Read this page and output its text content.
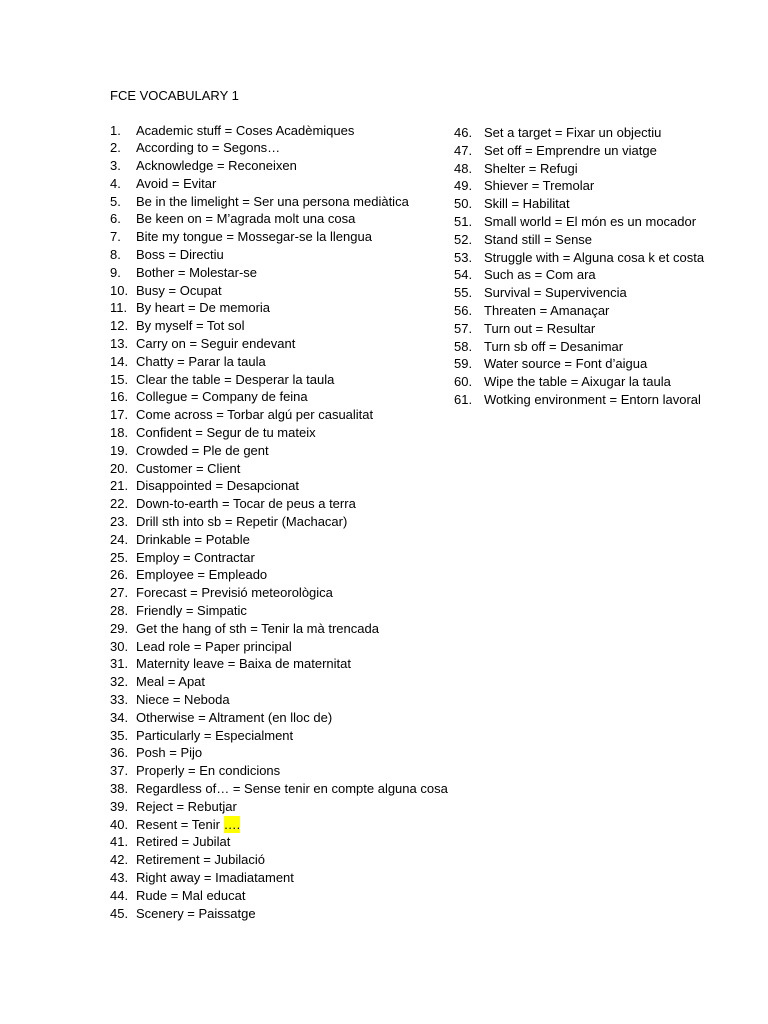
FCE VOCABULARY 1
1.	Academic stuff = Coses Acadèmiques
2.	According to = Segons…
3.	Acknowledge = Reconeixen
4.	Avoid = Evitar
5.	Be in the limelight = Ser una persona mediàtica
6.	Be keen on = M’agrada molt una cosa
7.	Bite my tongue = Mossegar-se la llengua
8.	Boss = Directiu
9.	Bother = Molestar-se
10. Busy = Ocupat
11. By heart = De memoria
12. By myself = Tot sol
13. Carry on = Seguir endevant
14. Chatty = Parar la taula
15. Clear the table = Desperar la taula
16. Collegue = Company de feina
17. Come across = Torbar algú per casualitat
18. Confident = Segur de tu mateix
19. Crowded = Ple de gent
20. Customer = Client
21. Disappointed = Desapcionat
22. Down-to-earth = Tocar de peus a terra
23. Drill sth into sb = Repetir (Machacar)
24. Drinkable = Potable
25. Employ = Contractar
26. Employee = Empleado
27. Forecast = Previsió meteorològica
28. Friendly = Simpatic
29. Get the hang of sth = Tenir la mà trencada
30. Lead role = Paper principal
31. Maternity leave = Baixa de maternitat
32. Meal = Apat
33. Niece = Neboda
34. Otherwise = Altrament (en lloc de)
35. Particularly = Especialment
36. Posh = Pijo
37. Properly = En condicions
38. Regardless of… = Sense tenir en compte alguna cosa
39. Reject = Rebutjar
40. Resent = Tenir ….
41. Retired = Jubilat
42. Retirement = Jubilació
43. Right away = Imadiatament
44. Rude = Mal educat
45. Scenery = Paissatge
46. Set a target = Fixar un objectiu
47. Set off = Emprendre un viatge
48. Shelter = Refugi
49. Shiever = Tremolar
50. Skill = Habilitat
51. Small world = El món es un mocador
52. Stand still = Sense
53. Struggle with = Alguna cosa k et costa
54. Such as = Com ara
55. Survival = Supervivencia
56. Threaten = Amanaçar
57. Turn out = Resultar
58. Turn sb off = Desanimar
59. Water source = Font d’aigua
60. Wipe the table = Aixugar la taula
61. Wotking environment = Entorn lavoral
